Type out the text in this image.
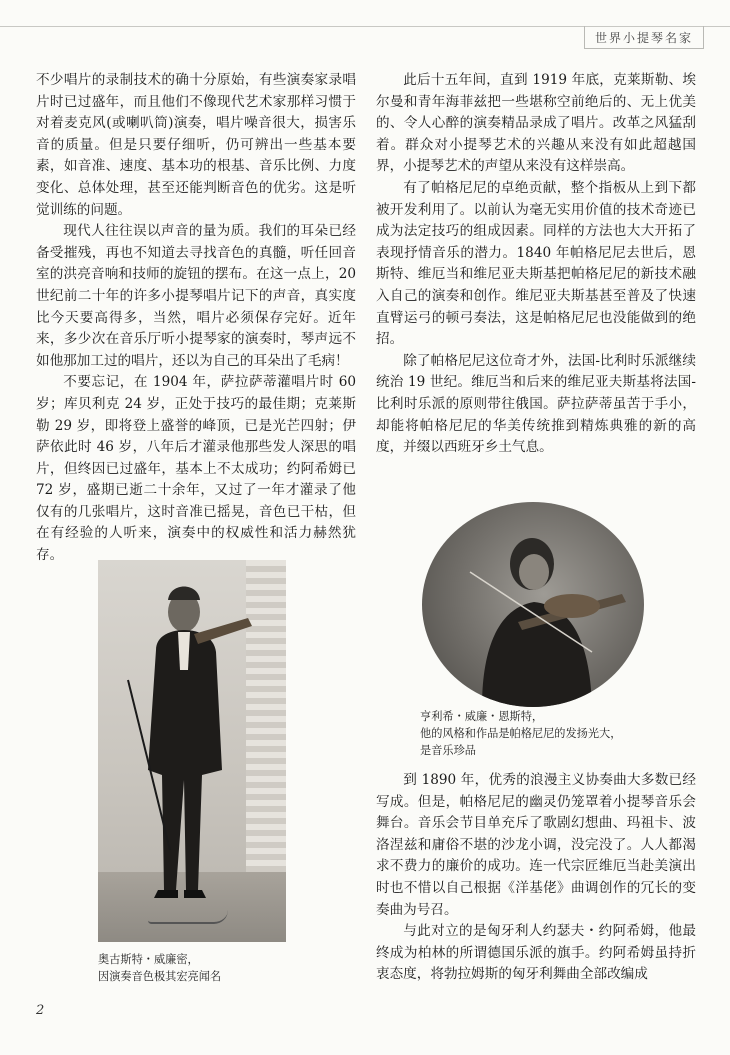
世界小提琴名家

不少唱片的录制技术的确十分原始，有些演奏家录唱片时已过盛年，而且他们不像现代艺术家那样习惯于对着麦克风(或喇叭筒)演奏，唱片噪音很大，损害乐音的质量。但是只要仔细听，仍可辨出一些基本要素，如音准、速度、基本功的根基、音乐比例、力度变化、总体处理，甚至还能判断音色的优劣。这是听觉训练的问题。

现代人往往误以声音的量为质。我们的耳朵已经备受摧残，再也不知道去寻找音色的真髓，听任回音室的洪亮音响和技师的旋钮的摆布。在这一点上，20 世纪前二十年的许多小提琴唱片记下的声音，真实度比今天要高得多，当然，唱片必须保存完好。近年来，多少次在音乐厅听小提琴家的演奏时，琴声远不如他那加工过的唱片，还以为自己的耳朵出了毛病！

不要忘记，在 1904 年，萨拉萨蒂灌唱片时 60 岁；库贝利克 24 岁，正处于技巧的最佳期；克莱斯勒 29 岁，即将登上盛誉的峰顶，已是光芒四射；伊萨依此时 46 岁，八年后才灌录他那些发人深思的唱片，但终因已过盛年，基本上不太成功；约阿希姆已 72 岁，盛期已逝二十余年，又过了一年才灌录了他仅有的几张唱片，这时音准已摇晃，音色已干枯，但在有经验的人听来，演奏中的权威性和活力赫然犹存。

此后十五年间，直到 1919 年底，克莱斯勒、埃尔曼和青年海菲兹把一些堪称空前绝后的、无上优美的、令人心醉的演奏精品录成了唱片。改革之风猛刮着。群众对小提琴艺术的兴趣从来没有如此超越国界，小提琴艺术的声望从来没有这样崇高。

有了帕格尼尼的卓绝贡献，整个指板从上到下都被开发利用了。以前认为毫无实用价值的技术奇迹已成为法定技巧的组成因素。同样的方法也大大开拓了表现抒情音乐的潜力。1840 年帕格尼尼去世后，恩斯特、维厄当和维尼亚夫斯基把帕格尼尼的新技术融入自己的演奏和创作。维尼亚夫斯基甚至普及了快速直臂运弓的顿弓奏法，这是帕格尼尼也没能做到的绝招。

除了帕格尼尼这位奇才外，法国-比利时乐派继续统治 19 世纪。维厄当和后来的维尼亚夫斯基将法国-比利时乐派的原则带往俄国。萨拉萨蒂虽苦于手小，却能将帕格尼尼的华美传统推到精炼典雅的新的高度，并缀以西班牙乡土气息。

亨利希・威廉・恩斯特，
他的风格和作品是帕格尼尼的发扬光大，
是音乐珍品

到 1890 年，优秀的浪漫主义协奏曲大多数已经写成。但是，帕格尼尼的幽灵仍笼罩着小提琴音乐会舞台。音乐会节目单充斥了歌剧幻想曲、玛祖卡、波洛涅兹和庸俗不堪的沙龙小调，没完没了。人人都渴求不费力的廉价的成功。连一代宗匠维厄当赴美演出时也不惜以自己根据《洋基佬》曲调创作的冗长的变奏曲为号召。

与此对立的是匈牙利人约瑟夫・约阿希姆，他最终成为柏林的所谓德国乐派的旗手。约阿希姆虽持折衷态度，将勃拉姆斯的匈牙利舞曲全部改编成

奥古斯特・威廉密，
因演奏音色极其宏亮闻名
2
